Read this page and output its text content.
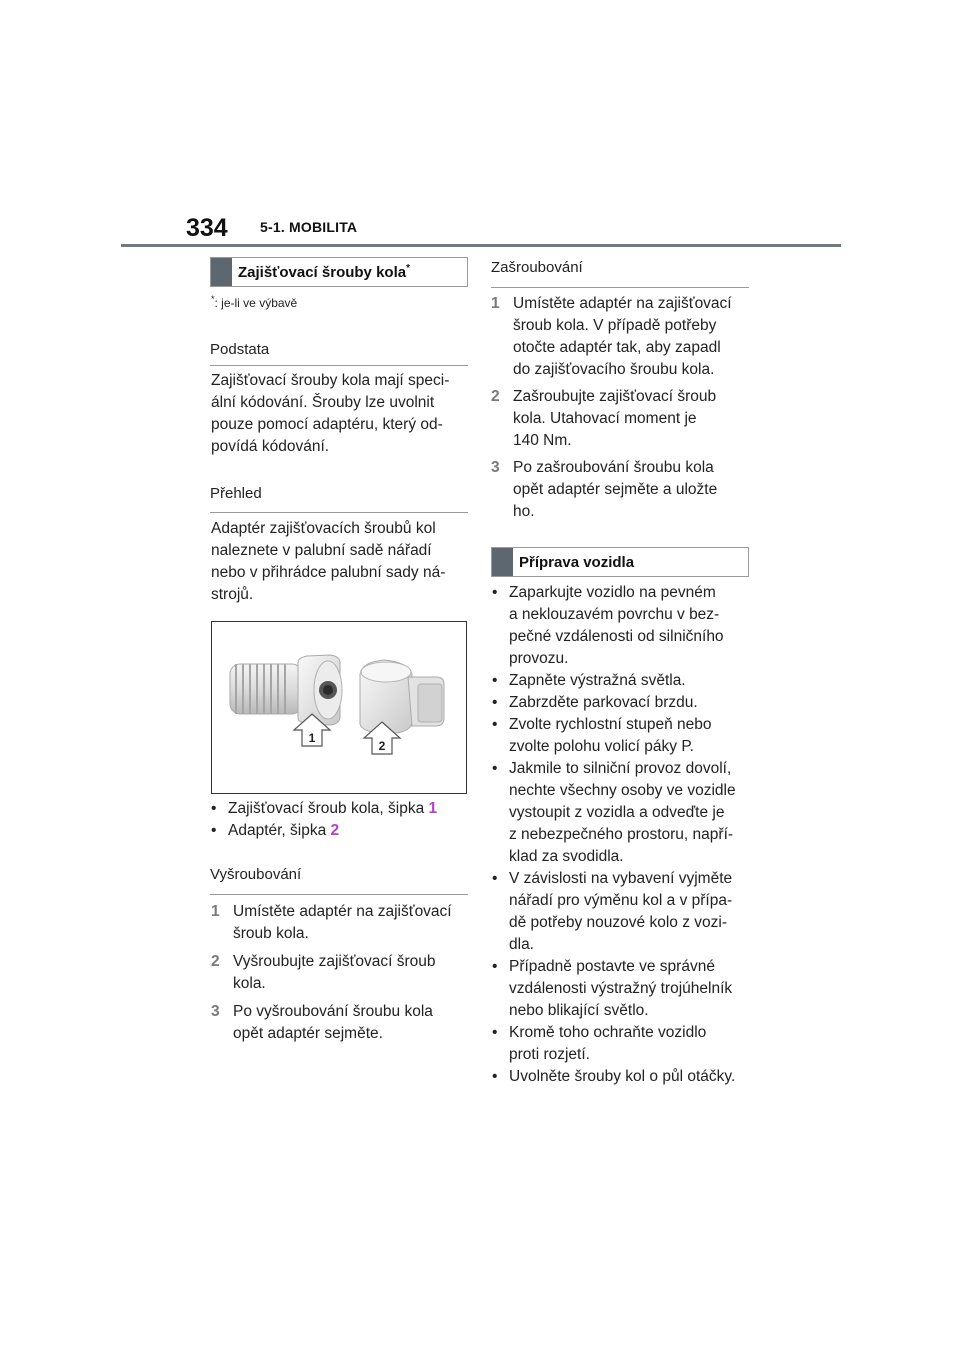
334 5-1. MOBILITA
Zajišťovací šrouby kola*
*: je-li ve výbavě
Podstata
Zajišťovací šrouby kola mají speci-
ální kódování. Šrouby lze uvolnit
pouze pomocí adaptéru, který od-
povídá kódování.
Přehled
Adaptér zajišťovacích šroubů kol
naleznete v palubní sadě nářadí
nebo v přihrádce palubní sady ná-
strojů.
1
2
• Zajišťovací šroub kola, šipka 1
• Adaptér, šipka 2
Vyšroubování
1 Umístěte adaptér na zajišťovací
šroub kola.
2 Vyšroubujte zajišťovací šroub
kola.
3 Po vyšroubování šroubu kola
opět adaptér sejměte.
Zašroubování
1 Umístěte adaptér na zajišťovací
šroub kola. V případě potřeby
otočte adaptér tak, aby zapadl
do zajišťovacího šroubu kola.
2 Zašroubujte zajišťovací šroub
kola. Utahovací moment je
140 Nm.
3 Po zašroubování šroubu kola
opět adaptér sejměte a uložte
ho.
Příprava vozidla
• Zaparkujte vozidlo na pevném
a neklouzavém povrchu v bez-
pečné vzdálenosti od silničního
provozu.
• Zapněte výstražná světla.
• Zabrzděte parkovací brzdu.
• Zvolte rychlostní stupeň nebo
zvolte polohu volicí páky P.
• Jakmile to silniční provoz dovolí,
nechte všechny osoby ve vozidle
vystoupit z vozidla a odveďte je
z nebezpečného prostoru, napří-
klad za svodidla.
• V závislosti na vybavení vyjměte
nářadí pro výměnu kol a v přípa-
dě potřeby nouzové kolo z vozi-
dla.
• Případně postavte ve správné
vzdálenosti výstražný trojúhelník
nebo blikající světlo.
• Kromě toho ochraňte vozidlo
proti rozjetí.
• Uvolněte šrouby kol o půl otáčky.
